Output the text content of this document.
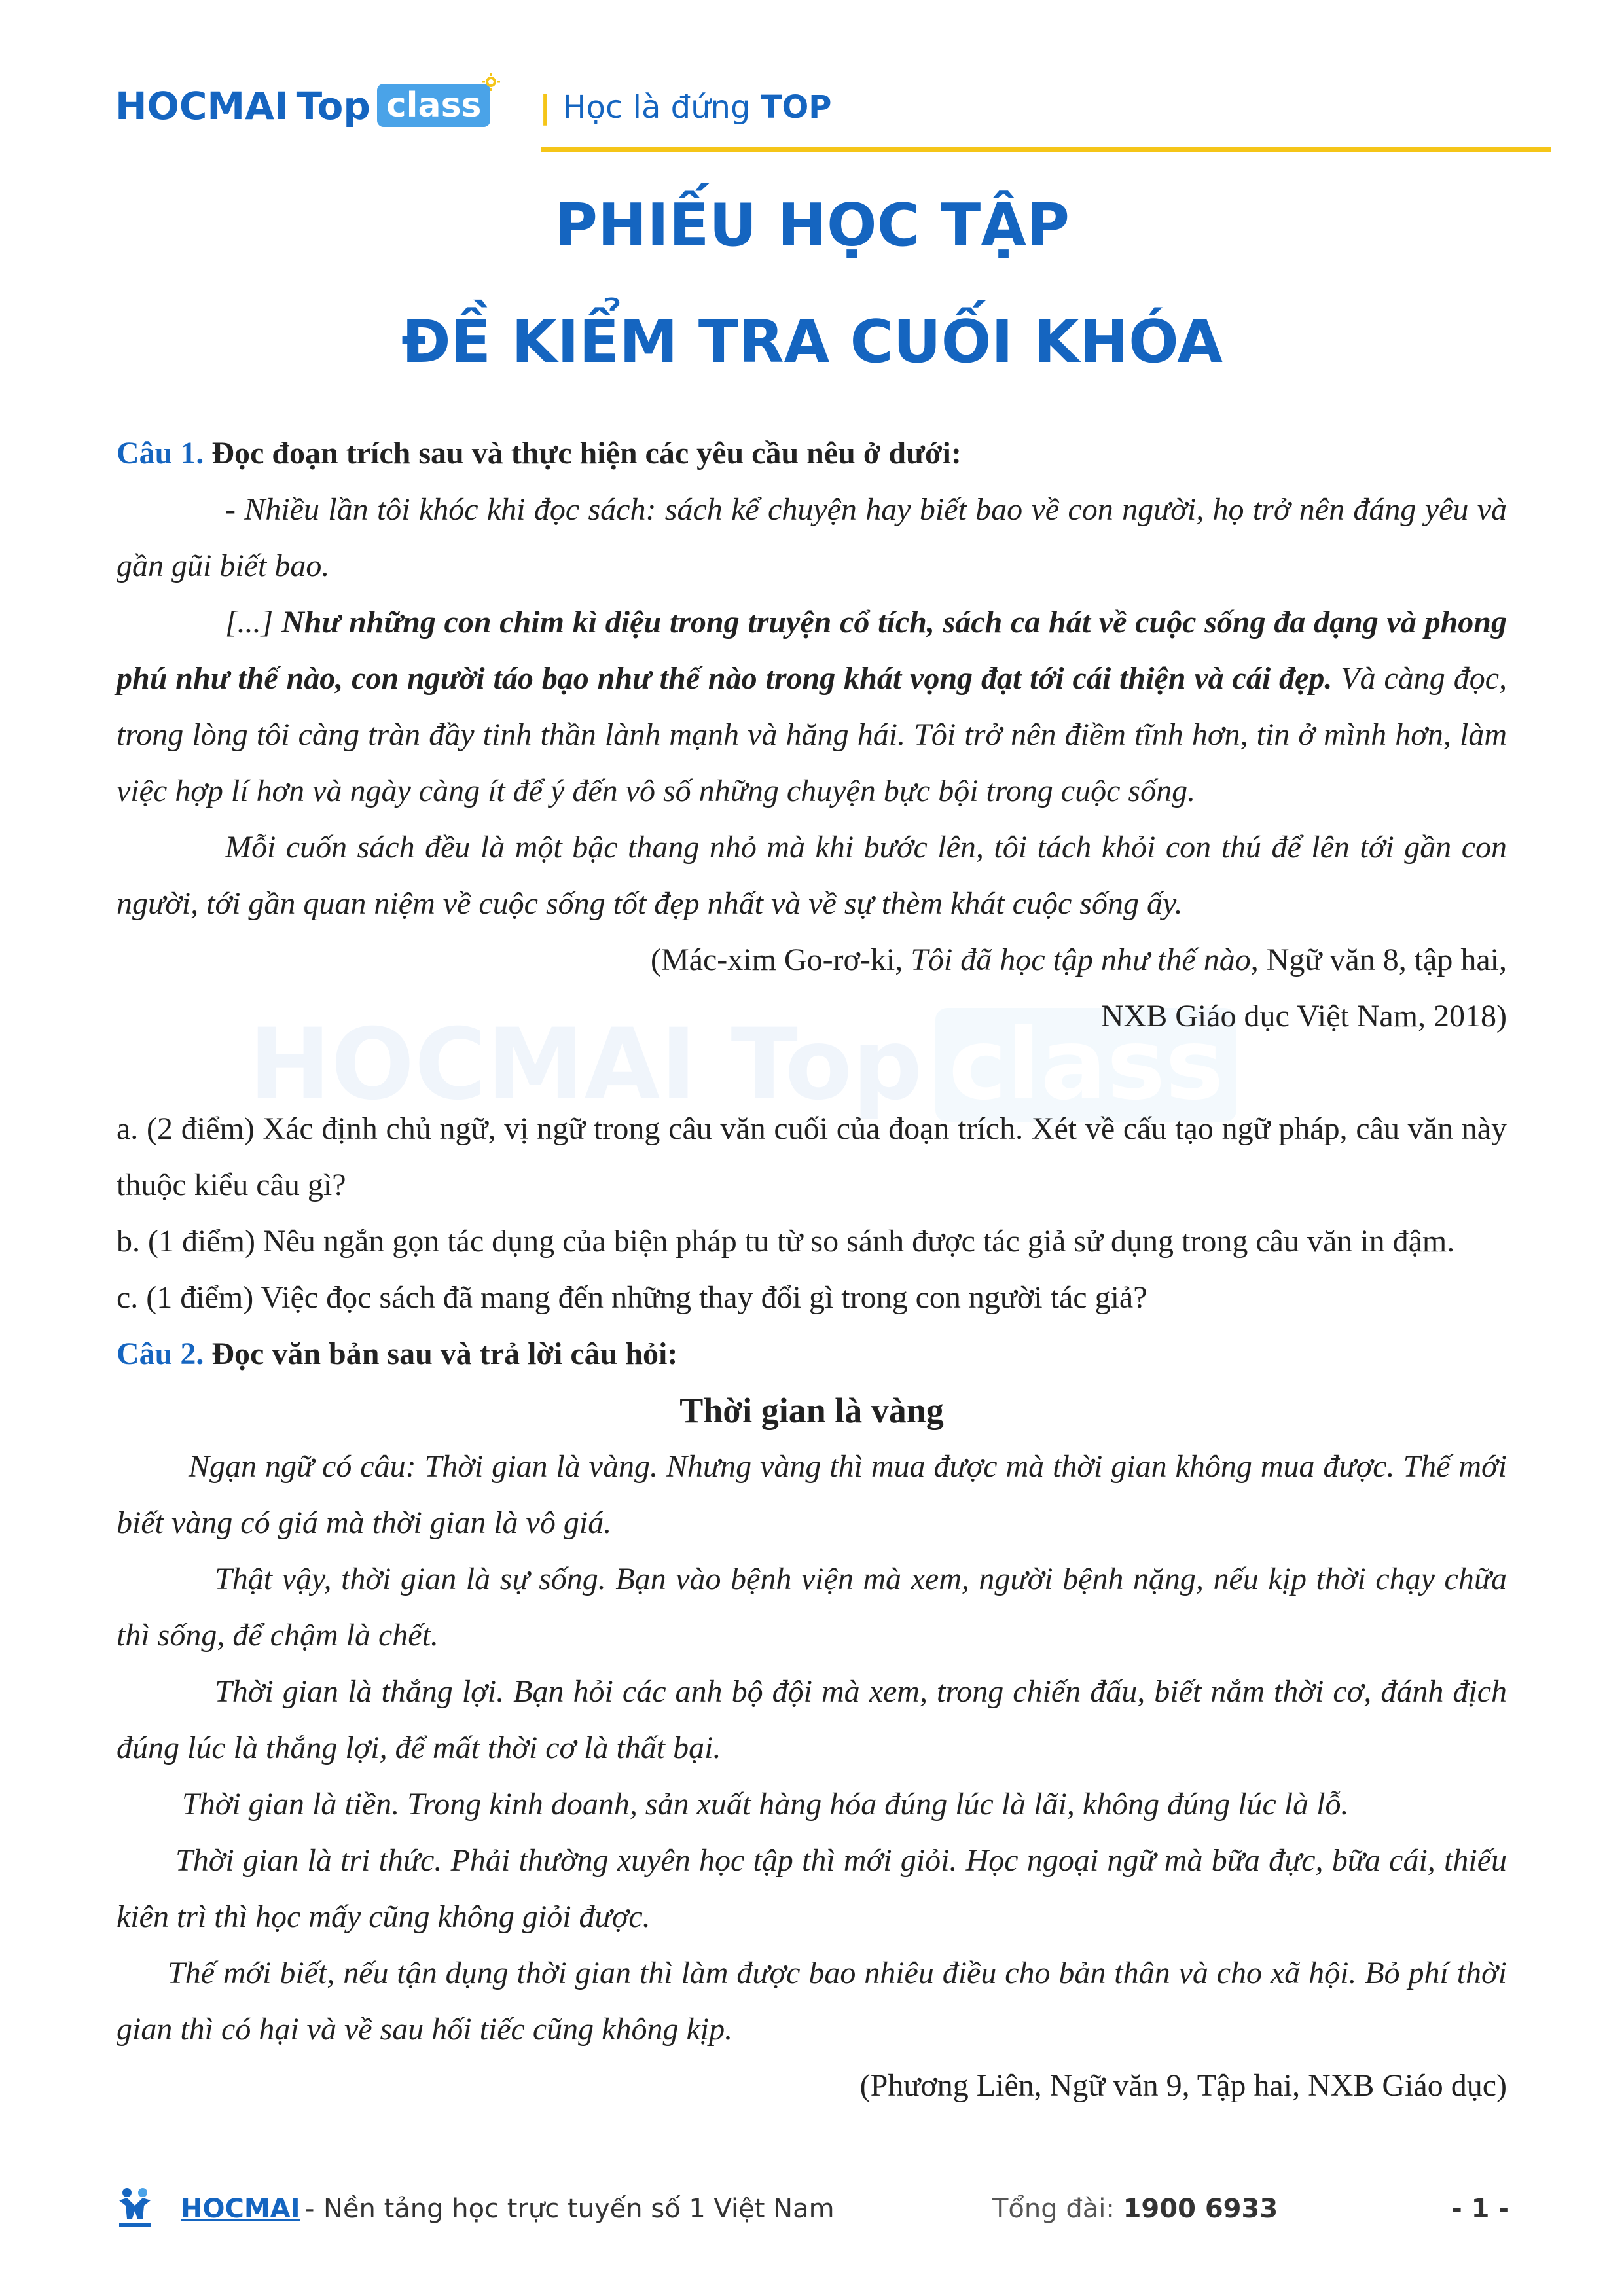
HOCMAI Top class | Học là đứng TOP
PHIẾU HỌC TẬP
ĐỀ KIỂM TRA CUỐI KHÓA
HOCMAI Top class

Câu 1. Đọc đoạn trích sau và thực hiện các yêu cầu nêu ở dưới:

- Nhiều lần tôi khóc khi đọc sách: sách kể chuyện hay biết bao về con người, họ trở nên đáng yêu và gần gũi biết bao.

[...] Như những con chim kì diệu trong truyện cổ tích, sách ca hát về cuộc sống đa dạng và phong phú như thế nào, con người táo bạo như thế nào trong khát vọng đạt tới cái thiện và cái đẹp. Và càng đọc, trong lòng tôi càng tràn đầy tinh thần lành mạnh và hăng hái. Tôi trở nên điềm tĩnh hơn, tin ở mình hơn, làm việc hợp lí hơn và ngày càng ít để ý đến vô số những chuyện bực bội trong cuộc sống.

Mỗi cuốn sách đều là một bậc thang nhỏ mà khi bước lên, tôi tách khỏi con thú để lên tới gần con người, tới gần quan niệm về cuộc sống tốt đẹp nhất và về sự thèm khát cuộc sống ấy.

(Mác-xim Go-rơ-ki, Tôi đã học tập như thế nào, Ngữ văn 8, tập hai,

NXB Giáo dục Việt Nam, 2018)

a. (2 điểm) Xác định chủ ngữ, vị ngữ trong câu văn cuối của đoạn trích. Xét về cấu tạo ngữ pháp, câu văn này thuộc kiểu câu gì?

b. (1 điểm) Nêu ngắn gọn tác dụng của biện pháp tu từ so sánh được tác giả sử dụng trong câu văn in đậm.

c. (1 điểm) Việc đọc sách đã mang đến những thay đổi gì trong con người tác giả?

Câu 2. Đọc văn bản sau và trả lời câu hỏi:

Thời gian là vàng

Ngạn ngữ có câu: Thời gian là vàng. Nhưng vàng thì mua được mà thời gian không mua được. Thế mới biết vàng có giá mà thời gian là vô giá.

Thật vậy, thời gian là sự sống. Bạn vào bệnh viện mà xem, người bệnh nặng, nếu kịp thời chạy chữa thì sống, để chậm là chết.

Thời gian là thắng lợi. Bạn hỏi các anh bộ đội mà xem, trong chiến đấu, biết nắm thời cơ, đánh địch đúng lúc là thắng lợi, để mất thời cơ là thất bại.

Thời gian là tiền. Trong kinh doanh, sản xuất hàng hóa đúng lúc là lãi, không đúng lúc là lỗ.

Thời gian là tri thức. Phải thường xuyên học tập thì mới giỏi. Học ngoại ngữ mà bữa đực, bữa cái, thiếu kiên trì thì học mấy cũng không giỏi được.

Thế mới biết, nếu tận dụng thời gian thì làm được bao nhiêu điều cho bản thân và cho xã hội. Bỏ phí thời gian thì có hại và về sau hối tiếc cũng không kịp.

(Phương Liên, Ngữ văn 9, Tập hai, NXB Giáo dục)

HOCMAI - Nền tảng học trực tuyến số 1 Việt Nam	Tổng đài: 1900 6933	- 1 -
